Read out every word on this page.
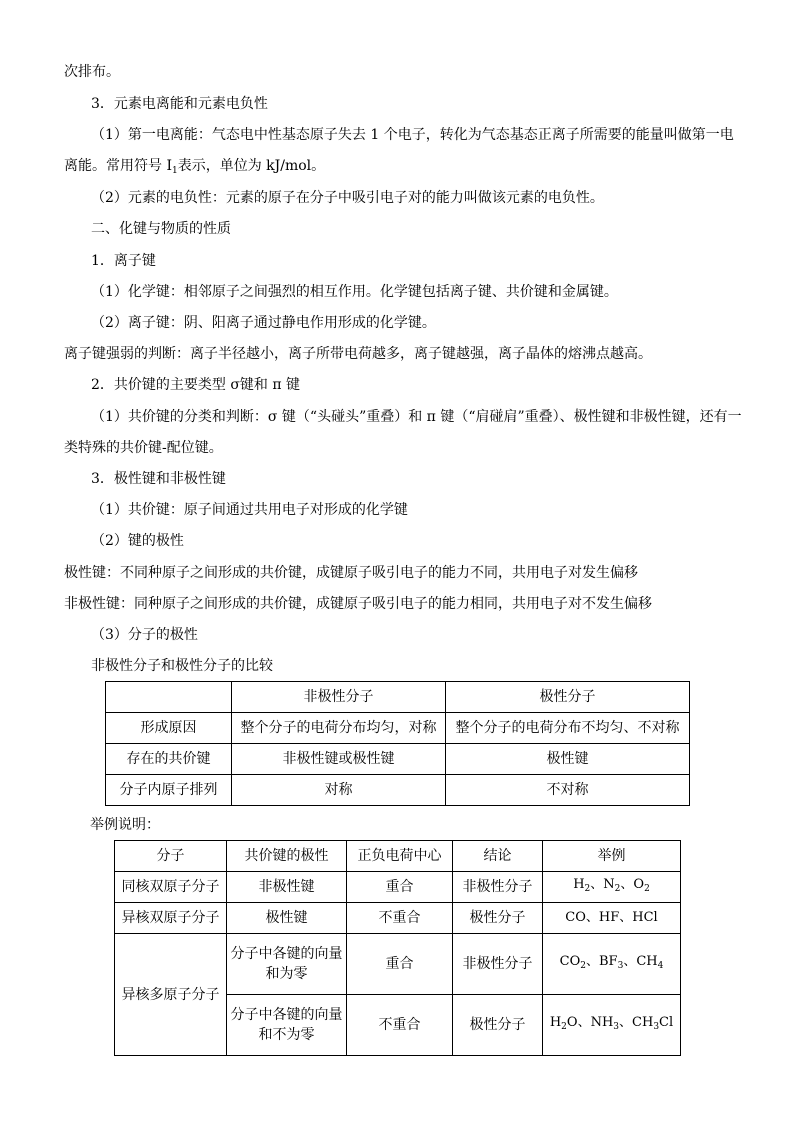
次排布。
3．元素电离能和元素电负性
（1）第一电离能：气态电中性基态原子失去 1 个电子，转化为气态基态正离子所需要的能量叫做第一电
离能。常用符号 $I_1$表示，单位为 kJ/mol。
（2）元素的电负性：元素的原子在分子中吸引电子对的能力叫做该元素的电负性。
二、化键与物质的性质
1．离子键
（1）化学键：相邻原子之间强烈的相互作用。化学键包括离子键、共价键和金属键。
（2）离子键：阴、阳离子通过静电作用形成的化学键。
离子键强弱的判断：离子半径越小，离子所带电荷越多，离子键越强，离子晶体的熔沸点越高。
2．共价键的主要类型 σ键和 π 键
（1）共价键的分类和判断：σ 键（“头碰头”重叠）和 π 键（“肩碰肩”重叠）、极性键和非极性键，还有一
类特殊的共价键-配位键。
3．极性键和非极性键
（1）共价键：原子间通过共用电子对形成的化学键
（2）键的极性
极性键：不同种原子之间形成的共价键，成键原子吸引电子的能力不同，共用电子对发生偏移
非极性键：同种原子之间形成的共价键，成键原子吸引电子的能力相同，共用电子对不发生偏移
（3）分子的极性
非极性分子和极性分子的比较
	非极性分子	极性分子
形成原因	整个分子的电荷分布均匀，对称	整个分子的电荷分布不均匀、不对称
存在的共价键	非极性键或极性键	极性键
分子内原子排列	对称	不对称
举例说明：
分子	共价键的极性	正负电荷中心	结论	举例
同核双原子分子	非极性键	重合	非极性分子	$H_2$、$N_2$、$O_2$
异核双原子分子	极性键	不重合	极性分子	CO、HF、HCl
异核多原子分子	分子中各键的向量和为零	重合	非极性分子	$CO_2$、$BF_3$、$CH_4$
	分子中各键的向量和不为零	不重合	极性分子	$H_2O$、$NH_3$、$CH_3Cl$
